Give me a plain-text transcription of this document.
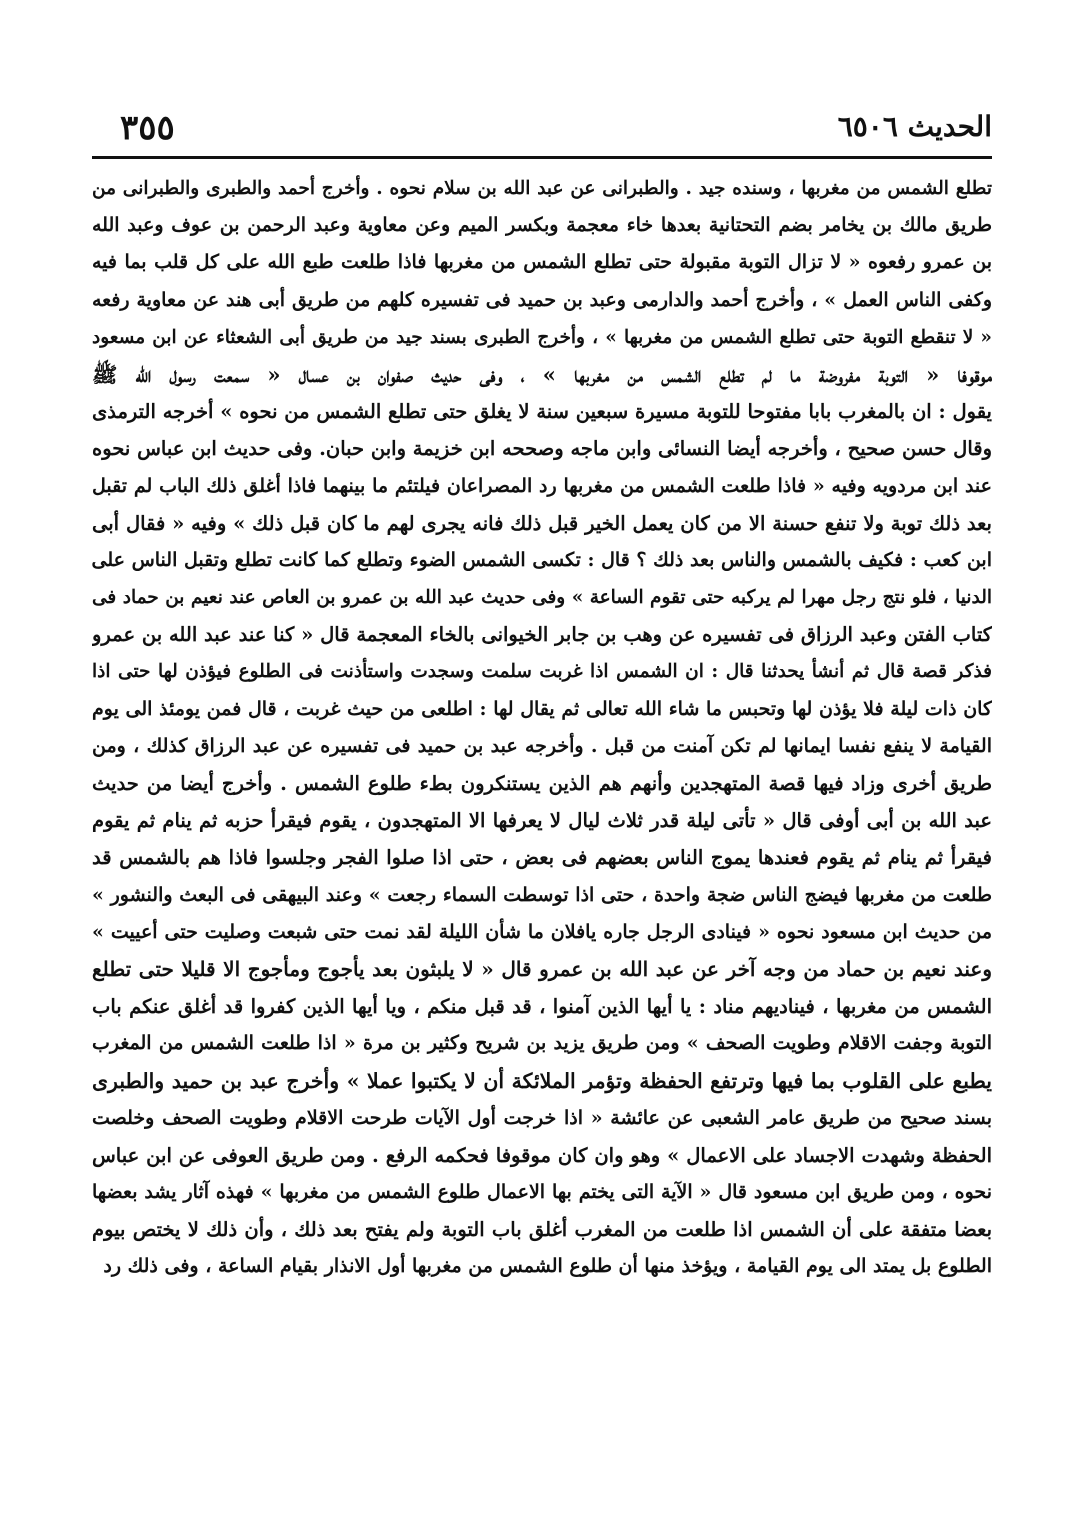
الحديث ٦٥٠٦
٣٥٥
تطلع الشمس من مغربها ، وسنده جيد . والطبرانى عن عبد الله بن سلام نحوه . وأخرج أحمد والطبرى والطبرانى من
طريق مالك بن يخامر بضم التحتانية بعدها خاء معجمة وبكسر الميم وعن معاوية وعبد الرحمن بن عوف وعبد الله
بن عمرو رفعوه « لا تزال التوبة مقبولة حتى تطلع الشمس من مغربها فاذا طلعت طبع الله على كل قلب بما فيه
وكفى الناس العمل » ، وأخرج أحمد والدارمى وعبد بن حميد فى تفسيره كلهم من طريق أبى هند عن معاوية رفعه
« لا تنقطع التوبة حتى تطلع الشمس من مغربها » ، وأخرج الطبرى بسند جيد من طريق أبى الشعثاء عن ابن مسعود
موقوفا « التوبة مفروضة ما لم تطلع الشمس من مغربها » ، وفى حديث صفوان بن عسال « سمعت رسول الله ﷺ
يقول : ان بالمغرب بابا مفتوحا للتوبة مسيرة سبعين سنة لا يغلق حتى تطلع الشمس من نحوه » أخرجه الترمذى
وقال حسن صحيح ، وأخرجه أيضا النسائى وابن ماجه وصححه ابن خزيمة وابن حبان. وفى حديث ابن عباس نحوه
عند ابن مردويه وفيه « فاذا طلعت الشمس من مغربها رد المصراعان فيلتئم ما بينهما فاذا أغلق ذلك الباب لم تقبل
بعد ذلك توبة ولا تنفع حسنة الا من كان يعمل الخير قبل ذلك فانه يجرى لهم ما كان قبل ذلك » وفيه « فقال أبى
ابن كعب : فكيف بالشمس والناس بعد ذلك ؟ قال : تكسى الشمس الضوء وتطلع كما كانت تطلع وتقبل الناس على
الدنيا ، فلو نتج رجل مهرا لم يركبه حتى تقوم الساعة » وفى حديث عبد الله بن عمرو بن العاص عند نعيم بن حماد فى
كتاب الفتن وعبد الرزاق فى تفسيره عن وهب بن جابر الخيوانى بالخاء المعجمة قال « كنا عند عبد الله بن عمرو
فذكر قصة قال ثم أنشأ يحدثنا قال : ان الشمس اذا غربت سلمت وسجدت واستأذنت فى الطلوع فيؤذن لها حتى اذا
كان ذات ليلة فلا يؤذن لها وتحبس ما شاء الله تعالى ثم يقال لها : اطلعى من حيث غربت ، قال فمن يومئذ الى يوم
القيامة لا ينفع نفسا ايمانها لم تكن آمنت من قبل . وأخرجه عبد بن حميد فى تفسيره عن عبد الرزاق كذلك ، ومن
طريق أخرى وزاد فيها قصة المتهجدين وأنهم هم الذين يستنكرون بطء طلوع الشمس . وأخرج أيضا من حديث
عبد الله بن أبى أوفى قال « تأتى ليلة قدر ثلاث ليال لا يعرفها الا المتهجدون ، يقوم فيقرأ حزبه ثم ينام ثم يقوم
فيقرأ ثم ينام ثم يقوم فعندها يموج الناس بعضهم فى بعض ، حتى اذا صلوا الفجر وجلسوا فاذا هم بالشمس قد
طلعت من مغربها فيضج الناس ضجة واحدة ، حتى اذا توسطت السماء رجعت » وعند البيهقى فى البعث والنشور »
من حديث ابن مسعود نحوه « فينادى الرجل جاره يافلان ما شأن الليلة لقد نمت حتى شبعت وصليت حتى أعييت »
وعند نعيم بن حماد من وجه آخر عن عبد الله بن عمرو قال « لا يلبثون بعد يأجوج ومأجوج الا قليلا حتى تطلع
الشمس من مغربها ، فيناديهم مناد : يا أيها الذين آمنوا ، قد قبل منكم ، ويا أيها الذين كفروا قد أغلق عنكم باب
التوبة وجفت الاقلام وطويت الصحف » ومن طريق يزيد بن شريح وكثير بن مرة « اذا طلعت الشمس من المغرب
يطبع على القلوب بما فيها وترتفع الحفظة وتؤمر الملائكة أن لا يكتبوا عملا » وأخرج عبد بن حميد والطبرى
بسند صحيح من طريق عامر الشعبى عن عائشة « اذا خرجت أول الآيات طرحت الاقلام وطويت الصحف وخلصت
الحفظة وشهدت الاجساد على الاعمال » وهو وان كان موقوفا فحكمه الرفع . ومن طريق العوفى عن ابن عباس
نحوه ، ومن طريق ابن مسعود قال « الآية التى يختم بها الاعمال طلوع الشمس من مغربها » فهذه آثار يشد بعضها
بعضا متفقة على أن الشمس اذا طلعت من المغرب أغلق باب التوبة ولم يفتح بعد ذلك ، وأن ذلك لا يختص بيوم
الطلوع بل يمتد الى يوم القيامة ، ويؤخذ منها أن طلوع الشمس من مغربها أول الانذار بقيام الساعة ، وفى ذلك رد
